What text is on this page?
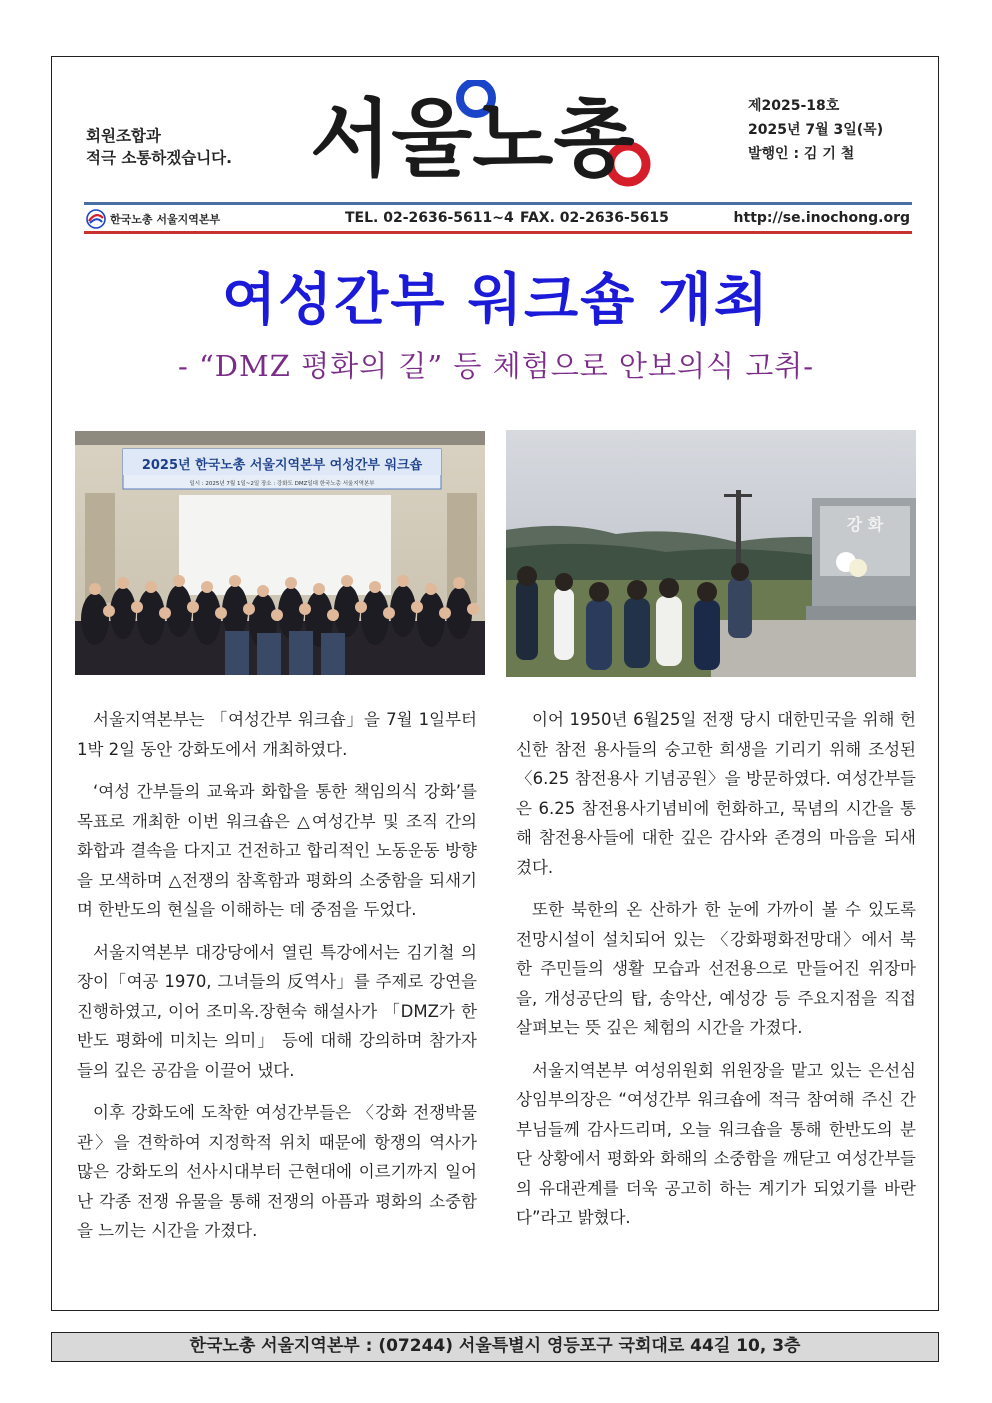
회원조합과
적극 소통하겠습니다. 서울노총	제2025-18호
2025년 7월 3일(목)
발행인 : 김 기 철
한국노총 서울지역본부	TEL. 02-2636-5611~4 FAX. 02-2636-5615	http://se.inochong.org
여성간부 워크숍 개최
- “DMZ 평화의 길” 등 체험으로 안보의식 고취-
2025년 한국노총 서울지역본부 여성간부 워크숍
일시 : 2025년 7월 1일~2일 장소 : 강화도 DMZ일대 한국노총 서울지역본부
강 화

서울지역본부는 「여성간부 워크숍」을 7월 1일부터 1박 2일 동안 강화도에서 개최하였다.

‘여성 간부들의 교육과 화합을 통한 책임의식 강화’를 목표로 개최한 이번 워크숍은 △여성간부 및 조직 간의 화합과 결속을 다지고 건전하고 합리적인 노동운동 방향을 모색하며 △전쟁의 참혹함과 평화의 소중함을 되새기며 한반도의 현실을 이해하는 데 중점을 두었다.

서울지역본부 대강당에서 열린 특강에서는 김기철 의장이「여공 1970, 그녀들의 反역사」를 주제로 강연을 진행하였고, 이어 조미옥.장현숙 해설사가 「DMZ가 한반도 평화에 미치는 의미」 등에 대해 강의하며 참가자들의 깊은 공감을 이끌어 냈다.

이후 강화도에 도착한 여성간부들은 〈강화 전쟁박물관〉을 견학하여 지정학적 위치 때문에 항쟁의 역사가 많은 강화도의 선사시대부터 근현대에 이르기까지 일어난 각종 전쟁 유물을 통해 전쟁의 아픔과 평화의 소중함을 느끼는 시간을 가졌다.

이어 1950년 6월25일 전쟁 당시 대한민국을 위해 헌신한 참전 용사들의 숭고한 희생을 기리기 위해 조성된 〈6.25 참전용사 기념공원〉을 방문하였다. 여성간부들은 6.25 참전용사기념비에 헌화하고, 묵념의 시간을 통해 참전용사들에 대한 깊은 감사와 존경의 마음을 되새겼다.

또한 북한의 온 산하가 한 눈에 가까이 볼 수 있도록 전망시설이 설치되어 있는 〈강화평화전망대〉에서 북한 주민들의 생활 모습과 선전용으로 만들어진 위장마을, 개성공단의 탑, 송악산, 예성강 등 주요지점을 직접 살펴보는 뜻 깊은 체험의 시간을 가졌다.

서울지역본부 여성위원회 위원장을 맡고 있는 은선심 상임부의장은 “여성간부 워크숍에 적극 참여해 주신 간부님들께 감사드리며, 오늘 워크숍을 통해 한반도의 분단 상황에서 평화와 화해의 소중함을 깨닫고 여성간부들의 유대관계를 더욱 공고히 하는 계기가 되었기를 바란다”라고 밝혔다.

한국노총 서울지역본부 : (07244) 서울특별시 영등포구 국회대로 44길 10, 3층
